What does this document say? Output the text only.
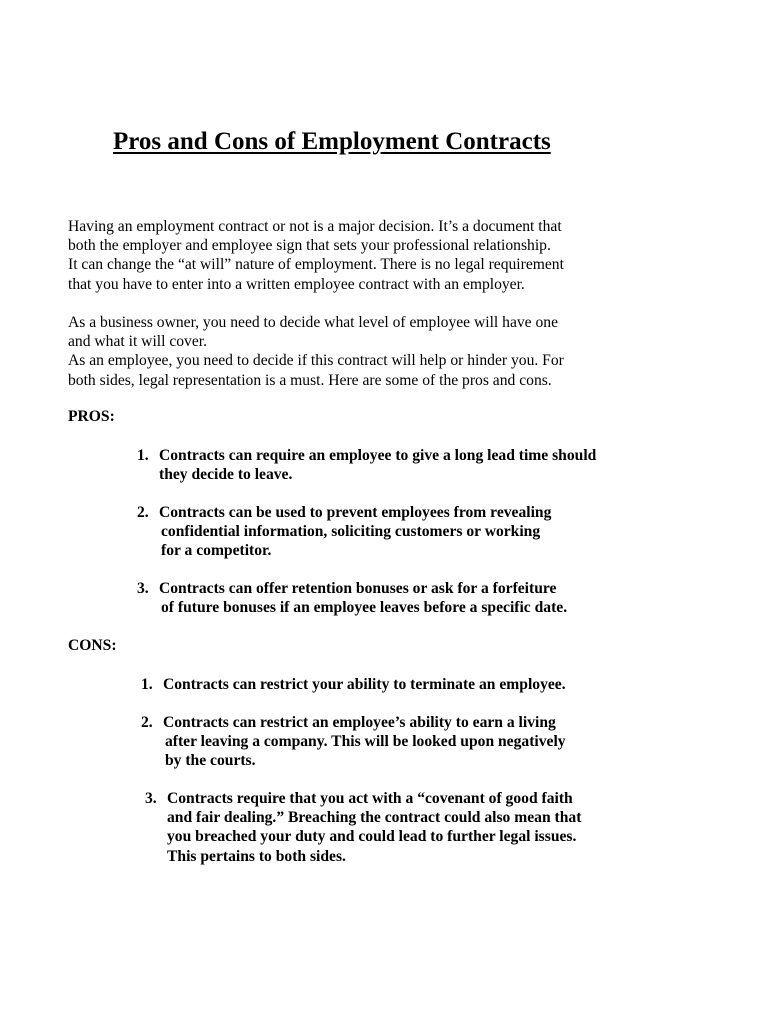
Pros and Cons of Employment Contracts
Having an employment contract or not is a major decision. It’s a document that
both the employer and employee sign that sets your professional relationship.
It can change the “at will” nature of employment. There is no legal requirement
that you have to enter into a written employee contract with an employer.
As a business owner, you need to decide what level of employee will have one
and what it will cover.
As an employee, you need to decide if this contract will help or hinder you. For
both sides, legal representation is a must. Here are some of the pros and cons.
PROS:
1. Contracts can require an employee to give a long lead time should
they decide to leave.
2. Contracts can be used to prevent employees from revealing
confidential information, soliciting customers or working
for a competitor.
3. Contracts can offer retention bonuses or ask for a forfeiture
of future bonuses if an employee leaves before a specific date.
CONS:
1. Contracts can restrict your ability to terminate an employee.
2. Contracts can restrict an employee’s ability to earn a living
after leaving a company. This will be looked upon negatively
by the courts.
3. Contracts require that you act with a “covenant of good faith
and fair dealing.” Breaching the contract could also mean that
you breached your duty and could lead to further legal issues.
This pertains to both sides.
